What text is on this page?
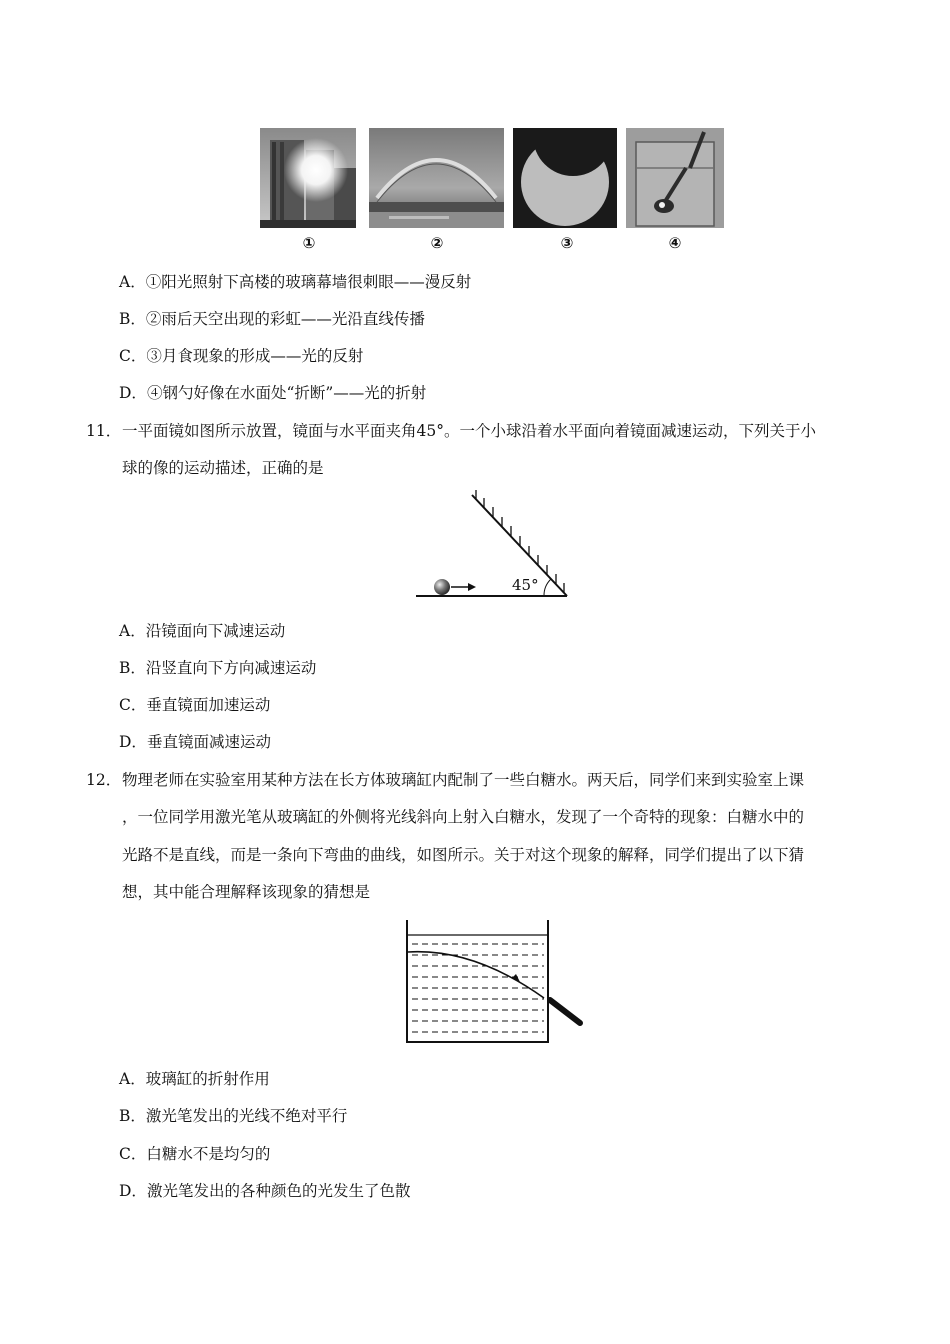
①	②	③	④
A．①阳光照射下高楼的玻璃幕墙很刺眼——漫反射
B．②雨后天空出现的彩虹——光沿直线传播
C．③月食现象的形成——光的反射
D．④钢勺好像在水面处“折断”——光的折射
11．一平面镜如图所示放置，镜面与水平面夹角45°。一个小球沿着水平面向着镜面减速运动，下列关于小
球的像的运动描述，正确的是
45°
A．沿镜面向下减速运动
B．沿竖直向下方向减速运动
C．垂直镜面加速运动
D．垂直镜面减速运动
12．物理老师在实验室用某种方法在长方体玻璃缸内配制了一些白糖水。两天后，同学们来到实验室上课
，一位同学用激光笔从玻璃缸的外侧将光线斜向上射入白糖水，发现了一个奇特的现象：白糖水中的
光路不是直线，而是一条向下弯曲的曲线，如图所示。关于对这个现象的解释，同学们提出了以下猜
想，其中能合理解释该现象的猜想是
A．玻璃缸的折射作用
B．激光笔发出的光线不绝对平行
C．白糖水不是均匀的
D．激光笔发出的各种颜色的光发生了色散
